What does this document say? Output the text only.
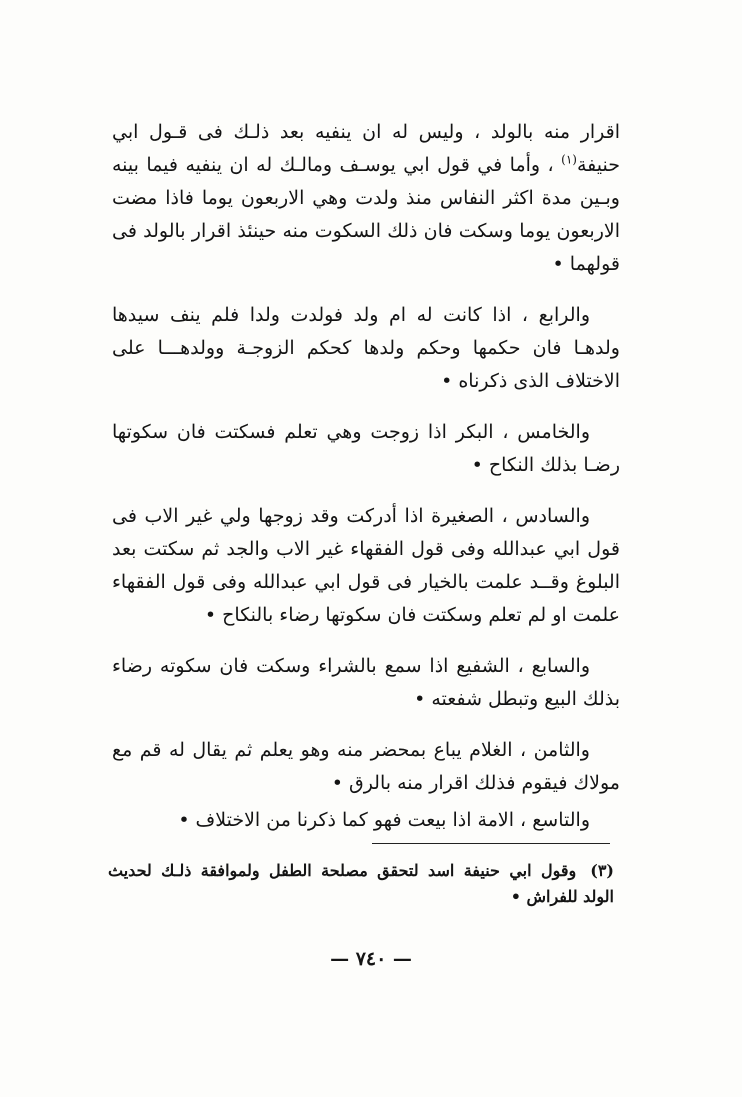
اقرار منه بالولد ، وليس له ان ينفيه بعد ذلـك فى قـول ابي حنيفة$^{(١)}$ ، وأما في قول ابي يوسـف ومالـك له ان ينفيه فيما بينه وبـين مدة اكثر النفاس منذ ولدت وهي الاربعون يوما فاذا مضت الاربعون يوما وسكت فان ذلك السكوت منه حينئذ اقرار بالولد فى قولهما •

والرابع ، اذا كانت له ام ولد فولدت ولدا فلم ينف سيدها ولدهـا فان حكمها وحكم ولدها كحكم الزوجـة وولدهـــا على الاختلاف الذى ذكرناه •

والخامس ، البكر اذا زوجت وهي تعلم فسكتت فان سكوتها رضـا بذلك النكاح •

والسادس ، الصغيرة اذا أدركت وقد زوجها ولي غير الاب فى قول ابي عبدالله وفى قول الفقهاء غير الاب والجد ثم سكتت بعد البلوغ وقــد علمت بالخيار فى قول ابي عبدالله وفى قول الفقهاء علمت او لم تعلم وسكتت فان سكوتها رضاء بالنكاح •

والسابع ، الشفيع اذا سمع بالشراء وسكت فان سكوته رضاء بذلك البيع وتبطل شفعته •

والثامن ، الغلام يباع بمحضر منه وهو يعلم ثم يقال له قم مع مولاك فيقوم فذلك اقرار منه بالرق •

والتاسع ، الامة اذا بيعت فهو كما ذكرنا من الاختلاف •

(٣)وقول ابي حنيفة اسد لتحقق مصلحة الطفل ولموافقة ذلـك لحديث الولد للفراش •
— ٧٤٠ —
